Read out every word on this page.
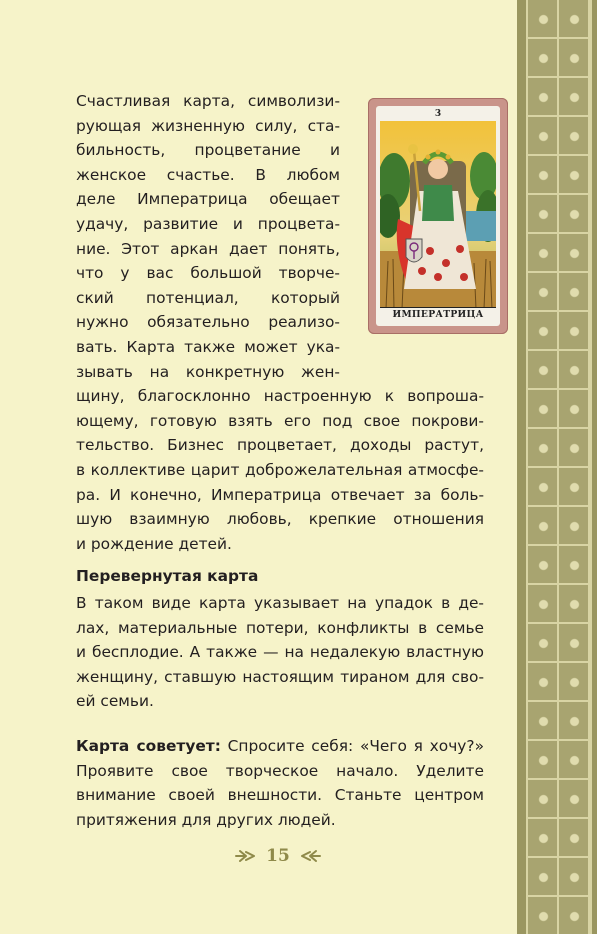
Счастливая карта, символизи-
рующая жизненную силу, ста-
бильность, процветание и
женское счастье. В любом
деле Императрица обещает
удачу, развитие и процвета-
ние. Этот аркан дает понять,
что у вас большой творче-
ский потенциал, который
нужно обязательно реализо-
вать. Карта также может ука-
зывать на конкретную жен-
щину, благосклонно настроенную к вопроша-
ющему, готовую взять его под свое покрови-
тельство. Бизнес процветает, доходы растут,
в коллективе царит доброжелательная атмосфе-
ра. И конечно, Императрица отвечает за боль-
шую взаимную любовь, крепкие отношения
и рождение детей.
3
ИМПЕРАТРИЦА
Перевернутая карта
В таком виде карта указывает на упадок в де-
лах, материальные потери, конфликты в семье
и бесплодие. А также — на недалекую властную
женщину, ставшую настоящим тираном для сво-
ей семьи.
Карта советует: Спросите себя: «Чего я хочу?»
Проявите свое творческое начало. Уделите
внимание своей внешности. Станьте центром
притяжения для других людей.
15
